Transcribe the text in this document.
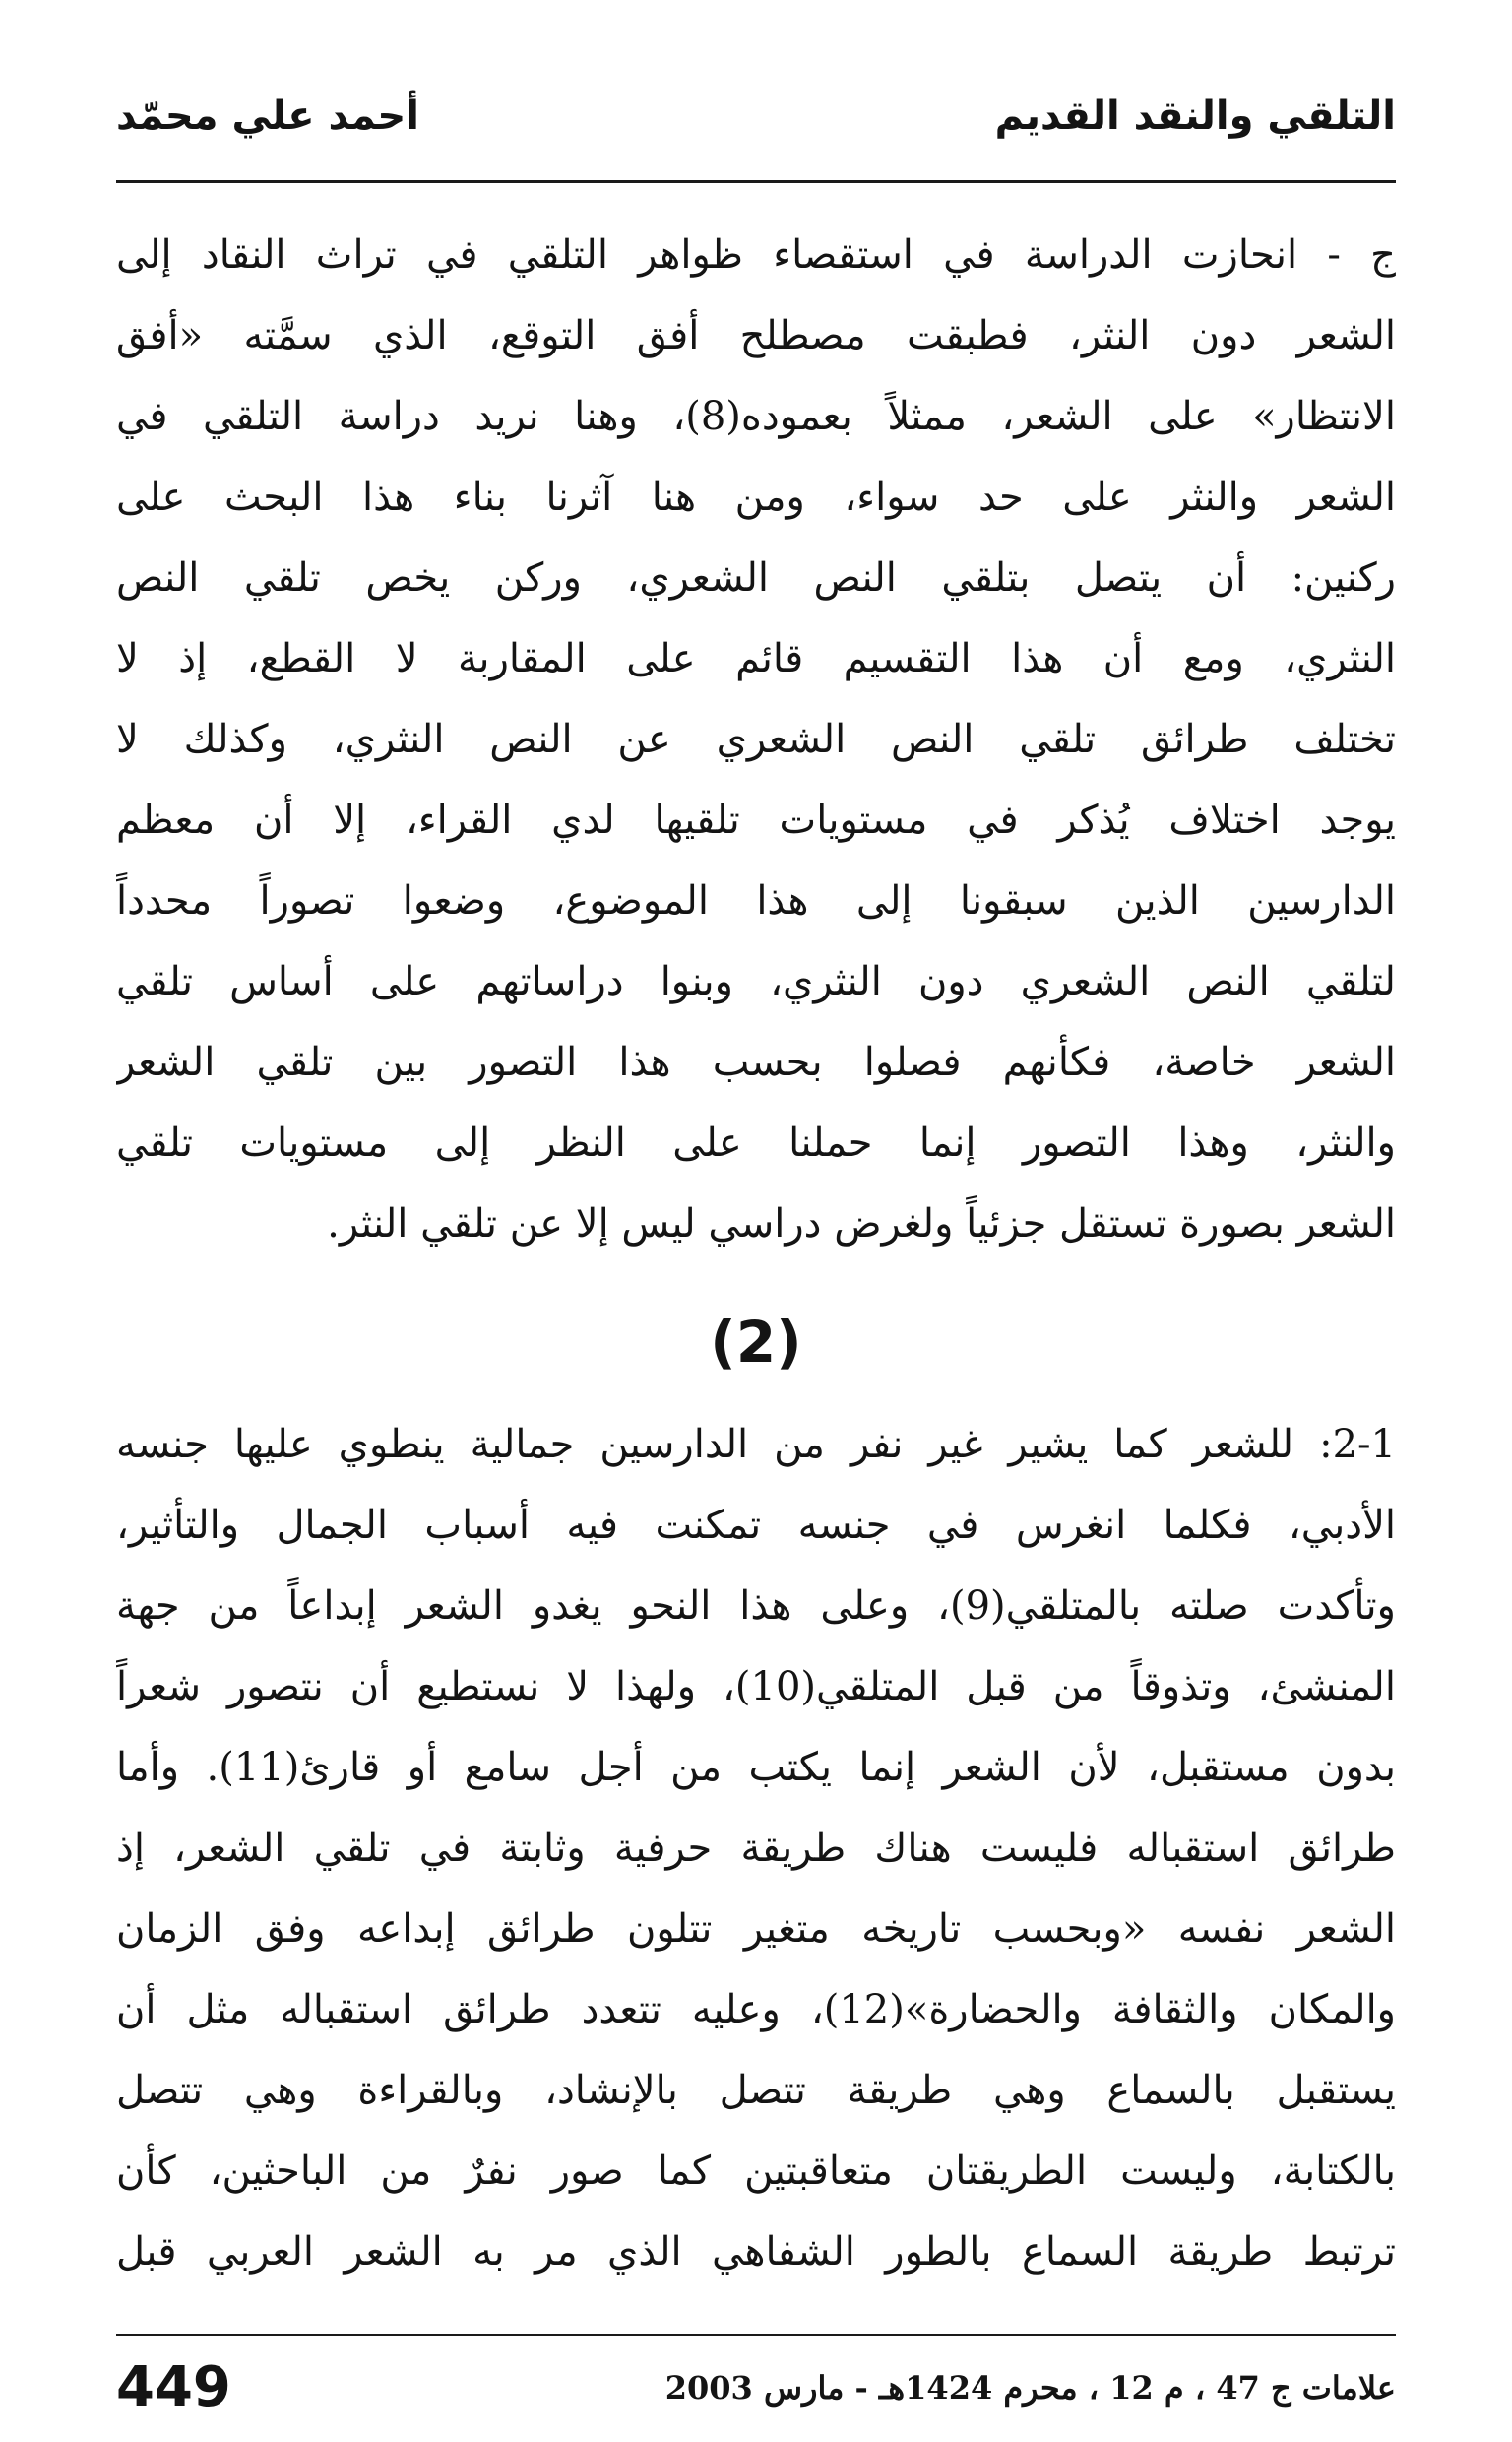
التلقي والنقد القديم
أحمد علي محمّد
ج - انحازت الدراسة في استقصاء ظواهر التلقي في تراث النقاد إلى
الشعر دون النثر، فطبقت مصطلح أفق التوقع، الذي سمَّته «أفق
الانتظار» على الشعر، ممثلاً بعموده(8)، وهنا نريد دراسة التلقي في
الشعر والنثر على حد سواء، ومن هنا آثرنا بناء هذا البحث على
ركنين: أن يتصل بتلقي النص الشعري، وركن يخص تلقي النص
النثري، ومع أن هذا التقسيم قائم على المقاربة لا القطع، إذ لا
تختلف طرائق تلقي النص الشعري عن النص النثري، وكذلك لا
يوجد اختلاف يُذكر في مستويات تلقيها لدي القراء، إلا أن معظم
الدارسين الذين سبقونا إلى هذا الموضوع، وضعوا تصوراً محدداً
لتلقي النص الشعري دون النثري، وبنوا دراساتهم على أساس تلقي
الشعر خاصة، فكأنهم فصلوا بحسب هذا التصور بين تلقي الشعر
والنثر، وهذا التصور إنما حملنا على النظر إلى مستويات تلقي
الشعر بصورة تستقل جزئياً ولغرض دراسي ليس إلا عن تلقي النثر.
(2)
2-1: للشعر كما يشير غير نفر من الدارسين جمالية ينطوي عليها جنسه
الأدبي، فكلما انغرس في جنسه تمكنت فيه أسباب الجمال والتأثير،
وتأكدت صلته بالمتلقي(9)، وعلى هذا النحو يغدو الشعر إبداعاً من جهة
المنشئ، وتذوقاً من قبل المتلقي(10)، ولهذا لا نستطيع أن نتصور شعراً
بدون مستقبل، لأن الشعر إنما يكتب من أجل سامع أو قارئ(11). وأما
طرائق استقباله فليست هناك طريقة حرفية وثابتة في تلقي الشعر، إذ
الشعر نفسه «وبحسب تاريخه متغير تتلون طرائق إبداعه وفق الزمان
والمكان والثقافة والحضارة»(12)، وعليه تتعدد طرائق استقباله مثل أن
يستقبل بالسماع وهي طريقة تتصل بالإنشاد، وبالقراءة وهي تتصل
بالكتابة، وليست الطريقتان متعاقبتين كما صور نفرٌ من الباحثين، كأن
ترتبط طريقة السماع بالطور الشفاهي الذي مر به الشعر العربي قبل
449	علامات ج 47 ، م 12 ، محرم 1424هـ - مارس 2003
